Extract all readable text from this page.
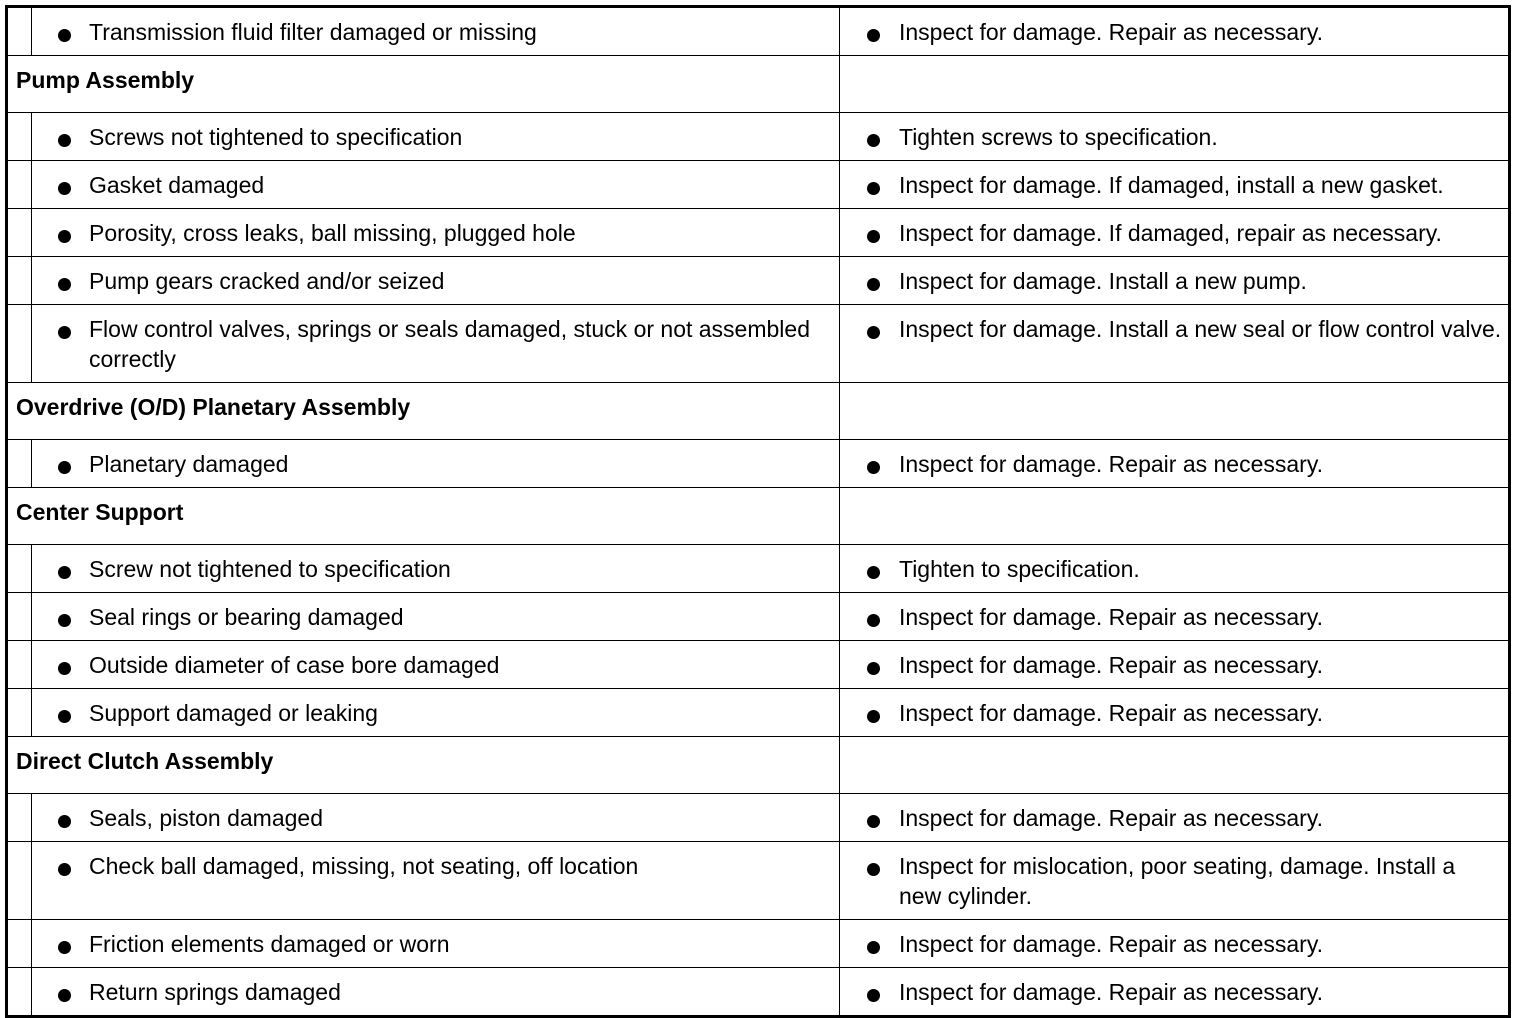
Transmission fluid filter damaged or missing	Inspect for damage. Repair as necessary.

Pump Assembly		

Screws not tightened to specification	Tighten screws to specification.

Gasket damaged	Inspect for damage. If damaged, install a new gasket.

Porosity, cross leaks, ball missing, plugged hole	Inspect for damage. If damaged, repair as necessary.

Pump gears cracked and/or seized	Inspect for damage. Install a new pump.

Flow control valves, springs or seals damaged, stuck or not assembled correctly	Inspect for damage. Install a new seal or flow control valve.

Overdrive (O/D) Planetary Assembly		

Planetary damaged	Inspect for damage. Repair as necessary.

Center Support		

Screw not tightened to specification	Tighten to specification.

Seal rings or bearing damaged	Inspect for damage. Repair as necessary.

Outside diameter of case bore damaged	Inspect for damage. Repair as necessary.

Support damaged or leaking	Inspect for damage. Repair as necessary.

Direct Clutch Assembly		

Seals, piston damaged	Inspect for damage. Repair as necessary.

Check ball damaged, missing, not seating, off location	Inspect for mislocation, poor seating, damage. Install a new cylinder.

Friction elements damaged or worn	Inspect for damage. Repair as necessary.

Return springs damaged	Inspect for damage. Repair as necessary.
